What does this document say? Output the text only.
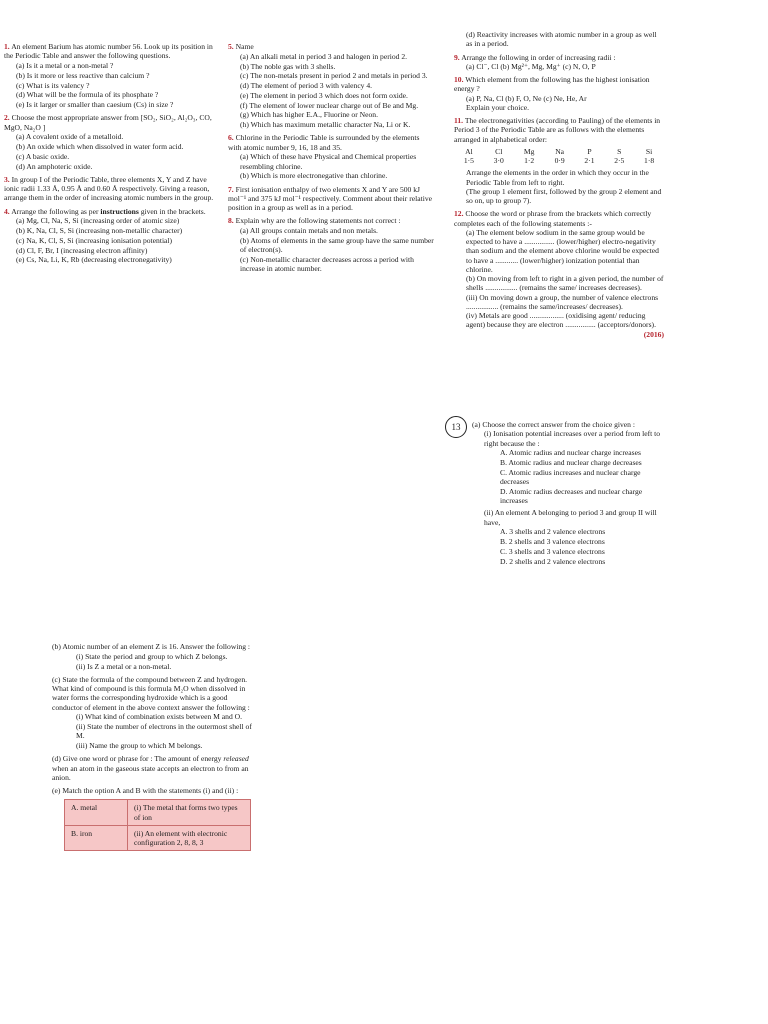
1. An element Barium has atomic number 56. Look up its position in the Periodic Table and answer the following questions.
(a) Is it a metal or a non-metal ?
(b) Is it more or less reactive than calcium ?
(c) What is its valency ?
(d) What will be the formula of its phosphate ?
(e) Is it larger or smaller than caesium (Cs) in size ?
2. Choose the most appropriate answer from [SO₂, SiO₂, Al₂O₃, CO, MgO, Na₂O ]
(a) A covalent oxide of a metalloid.
(b) An oxide which when dissolved in water form acid.
(c) A basic oxide.
(d) An amphoteric oxide.
3. In group I of the Periodic Table, three elements X, Y and Z have ionic radii 1.33 Å, 0.95 Å and 0.60 Å respectively. Giving a reason, arrange them in the order of increasing atomic numbers in the group.
4. Arrange the following as per instructions given in the brackets.
(a) Mg, Cl, Na, S, Si (increasing order of atomic size)
(b) K, Na, Cl, S, Si (increasing non-metallic character)
(c) Na, K, Cl, S, Si (increasing ionisation potential)
(d) Cl, F, Br, I (increasing electron affinity)
(e) Cs, Na, Li, K, Rb (decreasing electronegativity)
5. Name
(a) An alkali metal in period 3 and halogen in period 2.
(b) The noble gas with 3 shells.
(c) The non-metals present in period 2 and metals in period 3.
(d) The element of period 3 with valency 4.
(e) The element in period 3 which does not form oxide.
(f) The element of lower nuclear charge out of Be and Mg.
(g) Which has higher E.A., Fluorine or Neon.
(h) Which has maximum metallic character Na, Li or K.
6. Chlorine in the Periodic Table is surrounded by the elements with atomic number 9, 16, 18 and 35.
(a) Which of these have Physical and Chemical properties resembling chlorine.
(b) Which is more electronegative than chlorine.
7. First ionisation enthalpy of two elements X and Y are 500 kJ mol⁻¹ and 375 kJ mol⁻¹ respectively. Comment about their relative position in a group as well as in a period.
8. Explain why are the following statements not correct :
(a) All groups contain metals and non metals.
(b) Atoms of elements in the same group have the same number of electron(s).
(c) Non-metallic character decreases across a period with increase in atomic number.
(d) Reactivity increases with atomic number in a group as well as in a period.
9. Arrange the following in order of increasing radii :
(a) Cl⁻, Cl (b) Mg²⁺, Mg, Mg⁺ (c) N, O, P
10. Which element from the following has the highest ionisation energy ?
(a) P, Na, Cl (b) F, O, Ne (c) Ne, He, Ar
Explain your choice.
11. The electronegativities (according to Pauling) of the elements in Period 3 of the Periodic Table are as follows with the elements arranged in alphabetical order:
Al	Cl	Mg	Na	P	S	Si
1·5	3·0	1·2	0·9	2·1	2·5	1·8
Arrange the elements in the order in which they occur in the Periodic Table from left to right.
(The group 1 element first, followed by the group 2 element and so on, up to group 7).
12. Choose the word or phrase from the brackets which correctly completes each of the following statements :-
(a) The element below sodium in the same group would be expected to have a ................ (lower/higher) electro-negativity than sodium and the element above chlorine would be expected to have a ............ (lower/higher) ionization potential than chlorine.
(b) On moving from left to right in a given period, the number of shells ................. (remains the same/ increases decreases).
(iii) On moving down a group, the number of valence electrons ................. (remains the same/increases/ decreases).
(iv) Metals are good .................. (oxidising agent/ reducing agent) because they are electron ................ (acceptors/donors).
(2016)
13	(a) Choose the correct answer from the choice given :
(i) Ionisation potential increases over a period from left to right because the :
A. Atomic radius and nuclear charge increases
B. Atomic radius and nuclear charge decreases
C. Atomic radius increases and nuclear charge decreases
D. Atomic radius decreases and nuclear charge increases
(ii) An element A belonging to period 3 and group II will have,
A. 3 shells and 2 valence electrons
B. 2 shells and 3 valence electrons
C. 3 shells and 3 valence electrons
D. 2 shells and 2 valence electrons
(b) Atomic number of an element Z is 16. Answer the following :
(i) State the period and group to which Z belongs.
(ii) Is Z a metal or a non-metal.
(c) State the formula of the compound between Z and hydrogen. What kind of compound is this formula M₂O when dissolved in water forms the corresponding hydroxide which is a good conductor of element in the above context answer the following :
(i) What kind of combination exists between M and O.
(ii) State the number of electrons in the outermost shell of M.
(iii) Name the group to which M belongs.
(d) Give one word or phrase for : The amount of energy released when an atom in the gaseous state accepts an electron to from an anion.
(e) Match the option A and B with the statements (i) and (ii) :
A. metal	(i) The metal that forms two types of ion
B. iron	(ii) An element with electronic configuration 2, 8, 8, 3
